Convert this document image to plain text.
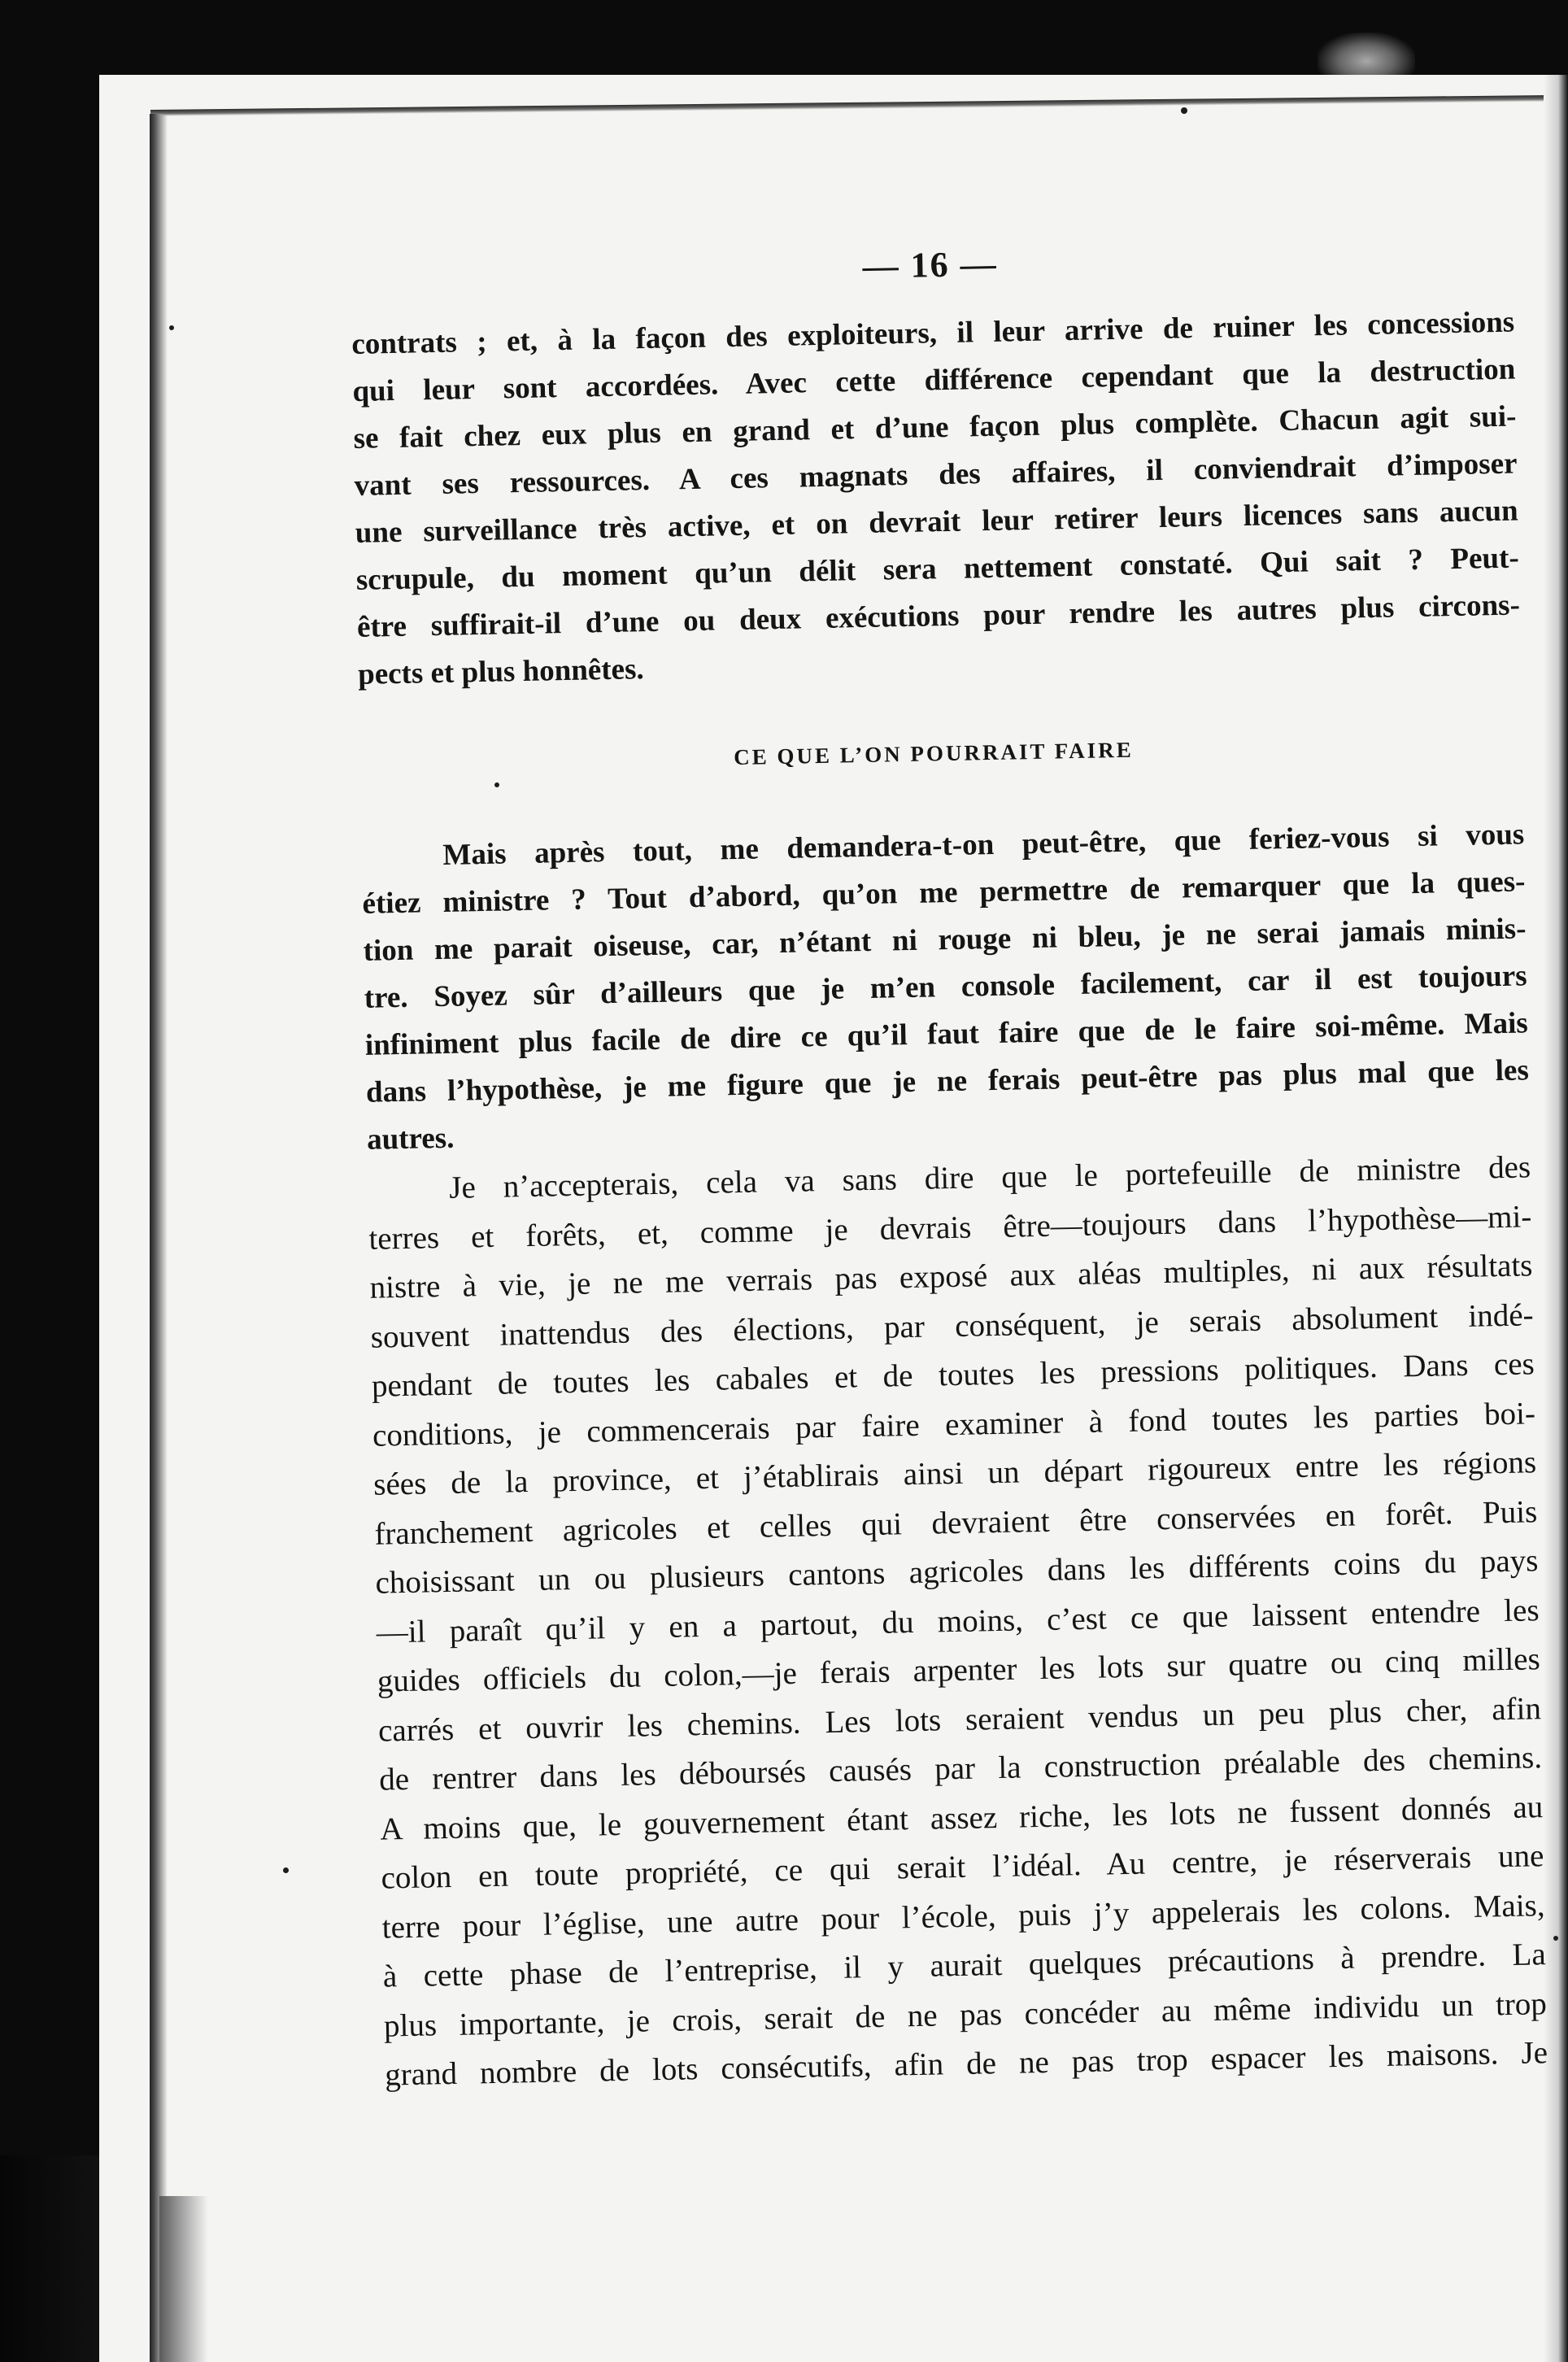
— 16 —
contrats ; et, à la façon des exploiteurs, il leur arrive de ruiner les concessions
qui leur sont accordées. Avec cette différence cependant que la destruction
se fait chez eux plus en grand et d’une façon plus complète. Chacun agit sui-
vant ses ressources. A ces magnats des affaires, il conviendrait d’imposer
une surveillance très active, et on devrait leur retirer leurs licences sans aucun
scrupule, du moment qu’un délit sera nettement constaté. Qui sait ? Peut-
être suffirait-il d’une ou deux exécutions pour rendre les autres plus circons-
pects et plus honnêtes.
CE QUE L’ON POURRAIT FAIRE
Mais après tout, me demandera-t-on peut-être, que feriez-vous si vous
étiez ministre ? Tout d’abord, qu’on me permettre de remarquer que la ques-
tion me parait oiseuse, car, n’étant ni rouge ni bleu, je ne serai jamais minis-
tre. Soyez sûr d’ailleurs que je m’en console facilement, car il est toujours
infiniment plus facile de dire ce qu’il faut faire que de le faire soi-même. Mais
dans l’hypothèse, je me figure que je ne ferais peut-être pas plus mal que les
autres.
Je n’accepterais, cela va sans dire que le portefeuille de ministre des
terres et forêts, et, comme je devrais être—toujours dans l’hypothèse—mi-
nistre à vie, je ne me verrais pas exposé aux aléas multiples, ni aux résultats
souvent inattendus des élections, par conséquent, je serais absolument indé-
pendant de toutes les cabales et de toutes les pressions politiques. Dans ces
conditions, je commencerais par faire examiner à fond toutes les parties boi-
sées de la province, et j’établirais ainsi un départ rigoureux entre les régions
franchement agricoles et celles qui devraient être conservées en forêt. Puis
choisissant un ou plusieurs cantons agricoles dans les différents coins du pays
—il paraît qu’il y en a partout, du moins, c’est ce que laissent entendre les
guides officiels du colon,—je ferais arpenter les lots sur quatre ou cinq milles
carrés et ouvrir les chemins. Les lots seraient vendus un peu plus cher, afin
de rentrer dans les déboursés causés par la construction préalable des chemins.
A moins que, le gouvernement étant assez riche, les lots ne fussent donnés au
colon en toute propriété, ce qui serait l’idéal. Au centre, je réserverais une
terre pour l’église, une autre pour l’école, puis j’y appelerais les colons. Mais,
à cette phase de l’entreprise, il y aurait quelques précautions à prendre. La
plus importante, je crois, serait de ne pas concéder au même individu un trop
grand nombre de lots consécutifs, afin de ne pas trop espacer les maisons. Je
